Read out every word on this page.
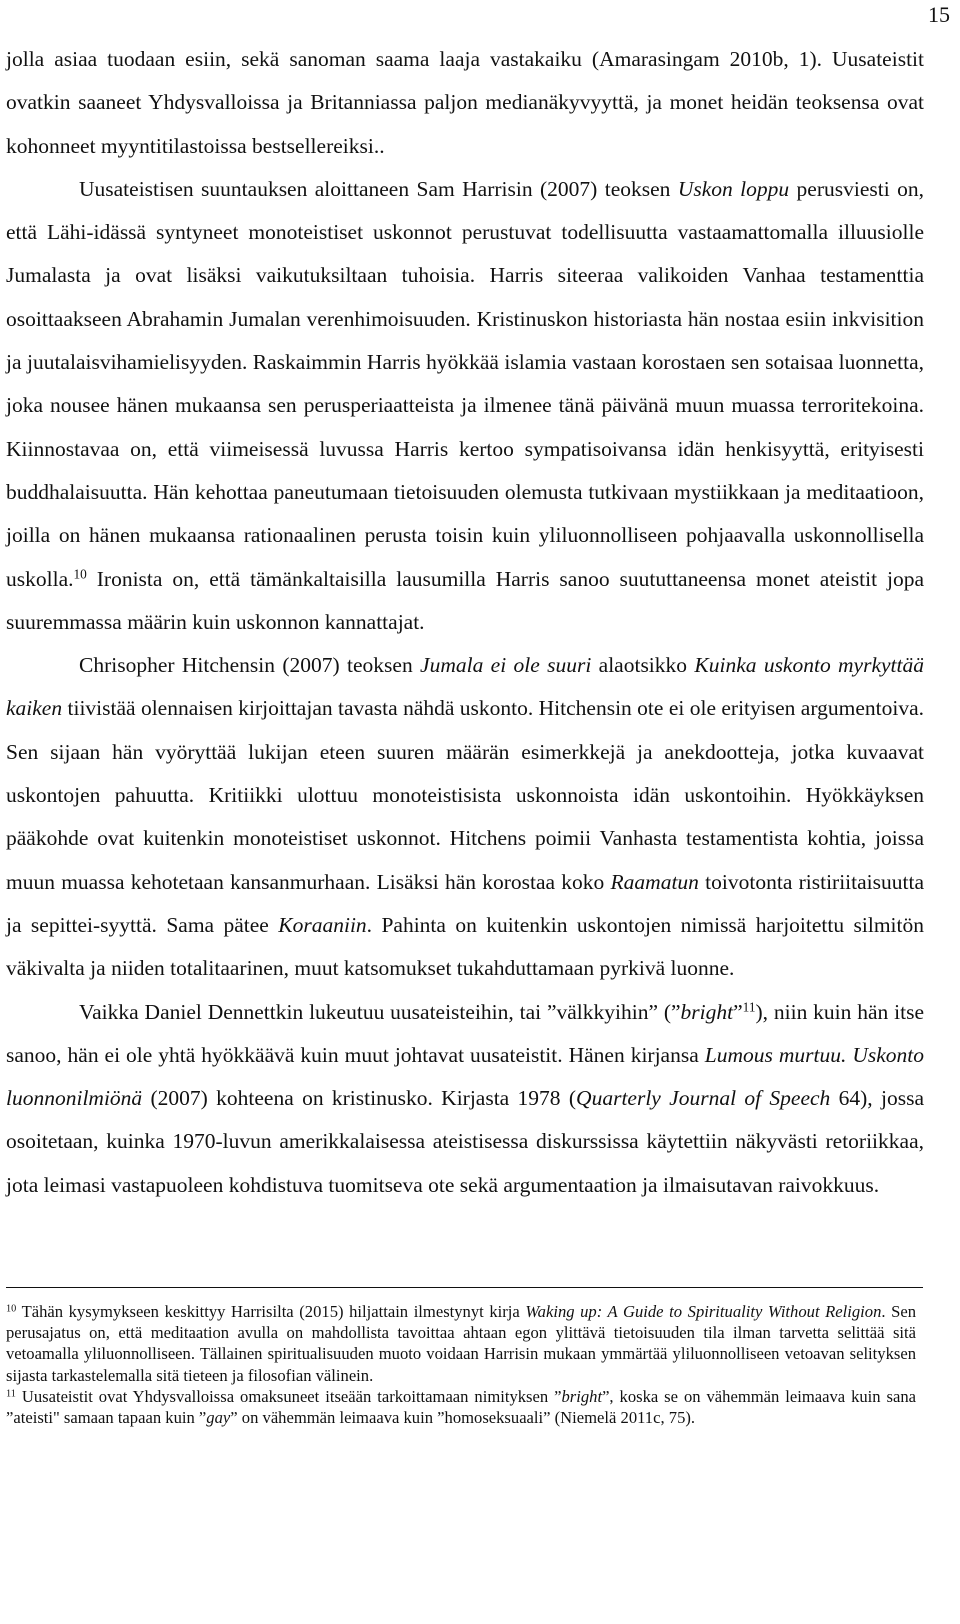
15

jolla asiaa tuodaan esiin, sekä sanoman saama laaja vastakaiku (Amarasingam 2010b, 1). Uusateistit ovatkin saaneet Yhdysvalloissa ja Britanniassa paljon medianäkyvyyttä, ja monet heidän teoksensa ovat kohonneet myyntitilastoissa bestsellereiksi..

Uusateistisen suuntauksen aloittaneen Sam Harrisin (2007) teoksen Uskon loppu perusviesti on, että Lähi-idässä syntyneet monoteistiset uskonnot perustuvat todellisuutta vastaamattomalla illuusiolle Jumalasta ja ovat lisäksi vaikutuksiltaan tuhoisia. Harris siteeraa valikoiden Vanhaa testamenttia osoittaakseen Abrahamin Jumalan verenhimoisuuden. Kristinuskon historiasta hän nostaa esiin inkvisition ja juutalaisvihamielisyyden. Raskaimmin Harris hyökkää islamia vastaan korostaen sen sotaisaa luonnetta, joka nousee hänen mukaansa sen perusperiaatteista ja ilmenee tänä päivänä muun muassa terroritekoina. Kiinnostavaa on, että viimeisessä luvussa Harris kertoo sympatisoivansa idän henkisyyttä, erityisesti buddhalaisuutta. Hän kehottaa paneutumaan tietoisuuden olemusta tutkivaan mystiikkaan ja meditaatioon, joilla on hänen mukaansa rationaalinen perusta toisin kuin yliluonnolliseen pohjaavalla uskonnollisella uskolla.$^{10}$ Ironista on, että tämänkaltaisilla lausumilla Harris sanoo suututtaneensa monet ateistit jopa suuremmassa määrin kuin uskonnon kannattajat.

Chrisopher Hitchensin (2007) teoksen Jumala ei ole suuri alaotsikko Kuinka uskonto myrkyttää kaiken tiivistää olennaisen kirjoittajan tavasta nähdä uskonto. Hitchensin ote ei ole erityisen argumentoiva. Sen sijaan hän vyöryttää lukijan eteen suuren määrän esimerkkejä ja anekdootteja, jotka kuvaavat uskontojen pahuutta. Kritiikki ulottuu monoteistisista uskonnoista idän uskontoihin. Hyökkäyksen pääkohde ovat kuitenkin monoteistiset uskonnot. Hitchens poimii Vanhasta testamentista kohtia, joissa muun muassa kehotetaan kansanmurhaan. Lisäksi hän korostaa koko Raamatun toivotonta ristiriitaisuutta ja sepittei-syyttä. Sama pätee Koraaniin. Pahinta on kuitenkin uskontojen nimissä harjoitettu silmitön väkivalta ja niiden totalitaarinen, muut katsomukset tukahduttamaan pyrkivä luonne.

Vaikka Daniel Dennettkin lukeutuu uusateisteihin, tai ”välkkyihin” (”bright”$^{11}$), niin kuin hän itse sanoo, hän ei ole yhtä hyökkäävä kuin muut johtavat uusateistit. Hänen kirjansa Lumous murtuu. Uskonto luonnonilmiönä (2007) kohteena on kristinusko. Kirjasta 1978 (Quarterly Journal of Speech 64), jossa osoitetaan, kuinka 1970-luvun amerikkalaisessa ateistisessa diskurssissa käytettiin näkyvästi retoriikkaa, jota leimasi vastapuoleen kohdistuva tuomitseva ote sekä argumentaation ja ilmaisutavan raivokkuus.

$^{10}$ Tähän kysymykseen keskittyy Harrisilta (2015) hiljattain ilmestynyt kirja Waking up: A Guide to Spirituality Without Religion. Sen perusajatus on, että meditaation avulla on mahdollista tavoittaa ahtaan egon ylittävä tietoisuuden tila ilman tarvetta selittää sitä vetoamalla yliluonnolliseen. Tällainen spiritualisuuden muoto voidaan Harrisin mukaan ymmärtää yliluonnolliseen vetoavan selityksen sijasta tarkastelemalla sitä tieteen ja filosofian välinein.

$^{11}$ Uusateistit ovat Yhdysvalloissa omaksuneet itseään tarkoittamaan nimityksen ”bright”, koska se on vähemmän leimaava kuin sana ”ateisti" samaan tapaan kuin ”gay” on vähemmän leimaava kuin ”homoseksuaali” (Niemelä 2011c, 75).
